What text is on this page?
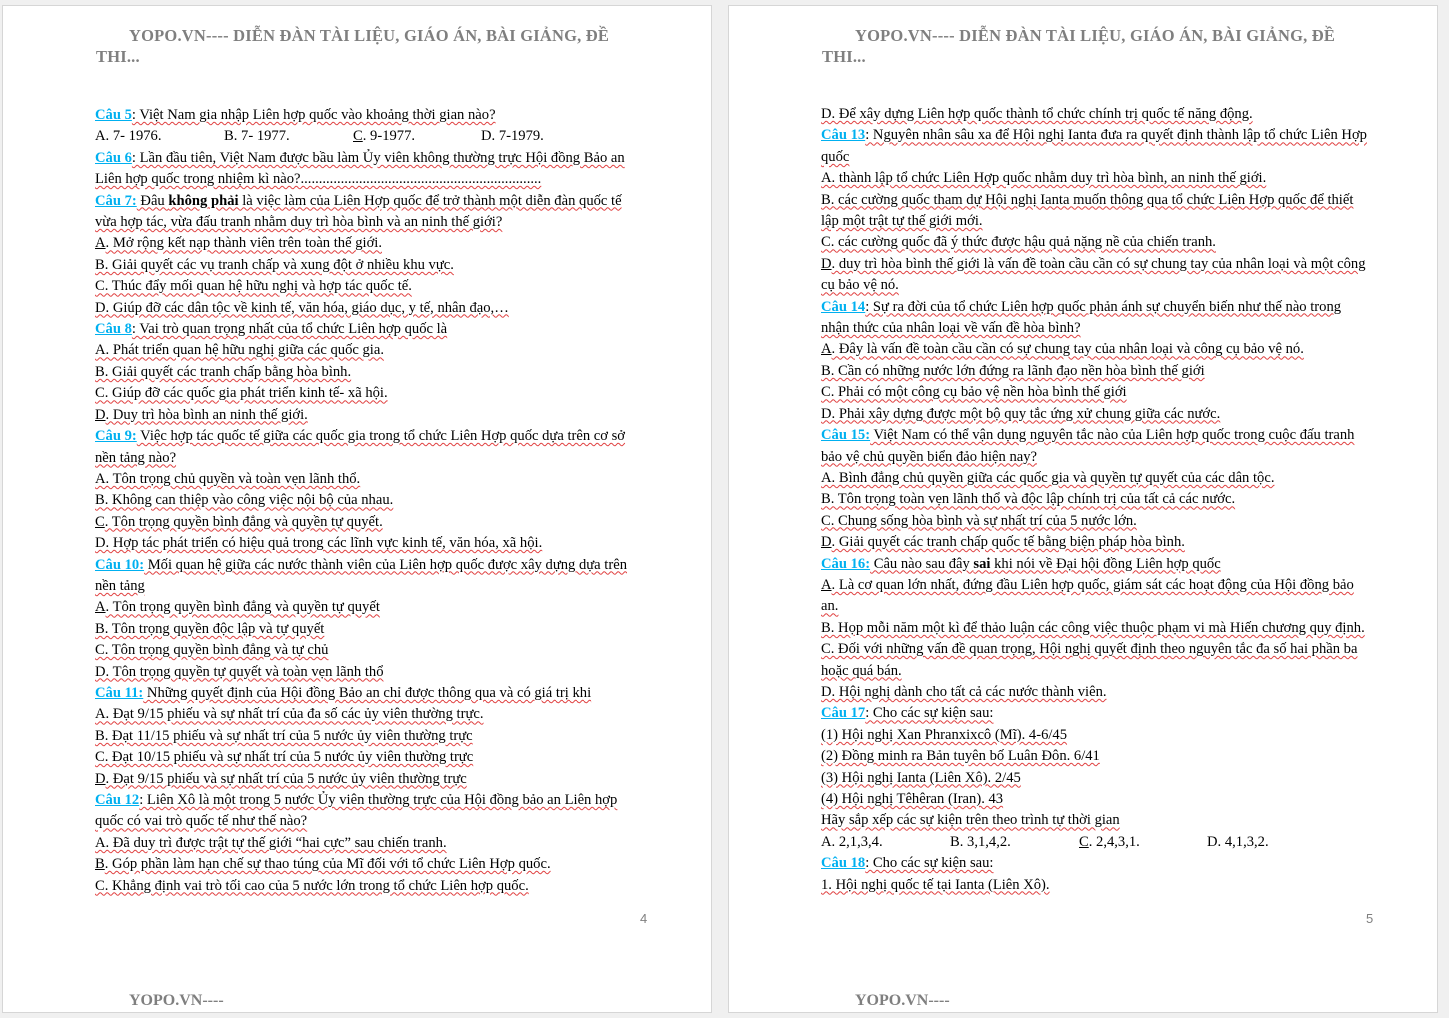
YOPO.VN---- DIỄN ĐÀN TÀI LIỆU, GIÁO ÁN, BÀI GIẢNG, ĐỀ THI...

Câu 5: Việt Nam gia nhập Liên hợp quốc vào khoảng thời gian nào?

A. 7- 1976.	B. 7- 1977.	C. 9-1977.	D. 7-1979.

Câu 6: Lần đầu tiên, Việt Nam được bầu làm Ủy viên không thường trực Hội đồng Bảo an Liên hợp quốc trong nhiệm kì nào?..................................................................

Câu 7: Đâu không phải là việc làm của Liên Hợp quốc để trở thành một diễn đàn quốc tế vừa hợp tác, vừa đấu tranh nhằm duy trì hòa bình và an ninh thế giới?

A. Mở rộng kết nạp thành viên trên toàn thế giới.

B. Giải quyết các vụ tranh chấp và xung đột ở nhiều khu vực.

C. Thúc đẩy mối quan hệ hữu nghị và hợp tác quốc tế.

D. Giúp đỡ các dân tộc về kinh tế, văn hóa, giáo dục, y tế, nhân đạo,…

Câu 8: Vai trò quan trọng nhất của tổ chức Liên hợp quốc là

A. Phát triển quan hệ hữu nghị giữa các quốc gia.

B. Giải quyết các tranh chấp bằng hòa bình.

C. Giúp đỡ các quốc gia phát triển kinh tế- xã hội.

D. Duy trì hòa bình an ninh thế giới.

Câu 9: Việc hợp tác quốc tế giữa các quốc gia trong tổ chức Liên Hợp quốc dựa trên cơ sở nền tảng nào?

A. Tôn trọng chủ quyền và toàn vẹn lãnh thổ.

B. Không can thiệp vào công việc nội bộ của nhau.

C. Tôn trọng quyền bình đẳng và quyền tự quyết.

D. Hợp tác phát triển có hiệu quả trong các lĩnh vực kinh tế, văn hóa, xã hội.

Câu 10: Mối quan hệ giữa các nước thành viên của Liên hợp quốc được xây dựng dựa trên nền tảng

A. Tôn trọng quyền bình đẳng và quyền tự quyết

B. Tôn trọng quyền độc lập và tự quyết

C. Tôn trọng quyền bình đẳng và tự chủ

D. Tôn trọng quyền tự quyết và toàn vẹn lãnh thổ

Câu 11: Những quyết định của Hội đồng Bảo an chỉ được thông qua và có giá trị khi

A. Đạt 9/15 phiếu và sự nhất trí của đa số các ủy viên thường trực.

B. Đạt 11/15 phiếu và sự nhất trí của 5 nước ủy viên thường trực

C. Đạt 10/15 phiếu và sự nhất trí của 5 nước ủy viên thường trực

D. Đạt 9/15 phiếu và sự nhất trí của 5 nước ủy viên thường trực

Câu 12: Liên Xô là một trong 5 nước Ủy viên thường trực của Hội đồng bảo an Liên hợp quốc có vai trò quốc tế như thế nào?

A. Đã duy trì được trật tự thế giới “hai cực” sau chiến tranh.

B. Góp phần làm hạn chế sự thao túng của Mĩ đối với tổ chức Liên Hợp quốc.

C. Khẳng định vai trò tối cao của 5 nước lớn trong tổ chức Liên hợp quốc.

4
YOPO.VN----
YOPO.VN---- DIỄN ĐÀN TÀI LIỆU, GIÁO ÁN, BÀI GIẢNG, ĐỀ THI...

D. Để xây dựng Liên hợp quốc thành tổ chức chính trị quốc tế năng động.

Câu 13: Nguyên nhân sâu xa để Hội nghị Ianta đưa ra quyết định thành lập tổ chức Liên Hợp quốc

A. thành lập tổ chức Liên Hợp quốc nhằm duy trì hòa bình, an ninh thế giới.

B. các cường quốc tham dự Hội nghị Ianta muốn thông qua tổ chức Liên Hợp quốc để thiết lập một trật tự thế giới mới.

C. các cường quốc đã ý thức được hậu quả nặng nề của chiến tranh.

D. duy trì hòa bình thế giới là vấn đề toàn cầu cần có sự chung tay của nhân loại và một công cụ bảo vệ nó.

Câu 14: Sự ra đời của tổ chức Liên hợp quốc phản ánh sự chuyển biến như thế nào trong nhận thức của nhân loại về vấn đề hòa bình?

A. Đây là vấn đề toàn cầu cần có sự chung tay của nhân loại và công cụ bảo vệ nó.

B. Cần có những nước lớn đứng ra lãnh đạo nền hòa bình thế giới

C. Phải có một công cụ bảo vệ nền hòa bình thế giới

D. Phải xây dựng được một bộ quy tắc ứng xử chung giữa các nước.

Câu 15: Việt Nam có thể vận dụng nguyên tắc nào của Liên hợp quốc trong cuộc đấu tranh bảo vệ chủ quyền biển đảo hiện nay?

A. Bình đẳng chủ quyền giữa các quốc gia và quyền tự quyết của các dân tộc.

B. Tôn trọng toàn vẹn lãnh thổ và độc lập chính trị của tất cả các nước.

C. Chung sống hòa bình và sự nhất trí của 5 nước lớn.

D. Giải quyết các tranh chấp quốc tế bằng biện pháp hòa bình.

Câu 16: Câu nào sau đây sai khi nói về Đại hội đồng Liên hợp quốc

A. Là cơ quan lớn nhất, đứng đầu Liên hợp quốc, giám sát các hoạt động của Hội đồng bảo an.

B. Họp mỗi năm một kì để thảo luận các công việc thuộc phạm vi mà Hiến chương quy định.

C. Đối với những vấn đề quan trọng, Hội nghị quyết định theo nguyên tắc đa số hai phần ba hoặc quá bán.

D. Hội nghị dành cho tất cả các nước thành viên.

Câu 17: Cho các sự kiện sau:

(1) Hội nghị Xan Phranxixcô (Mĩ). 4-6/45

(2) Đồng minh ra Bản tuyên bố Luân Đôn. 6/41

(3) Hội nghị Ianta (Liên Xô). 2/45

(4) Hội nghị Têhêran (Iran). 43

Hãy sắp xếp các sự kiện trên theo trình tự thời gian

A. 2,1,3,4.	B. 3,1,4,2.	C. 2,4,3,1.	D. 4,1,3,2.

Câu 18: Cho các sự kiện sau:

1. Hội nghị quốc tế tại Ianta (Liên Xô).

5
YOPO.VN----
